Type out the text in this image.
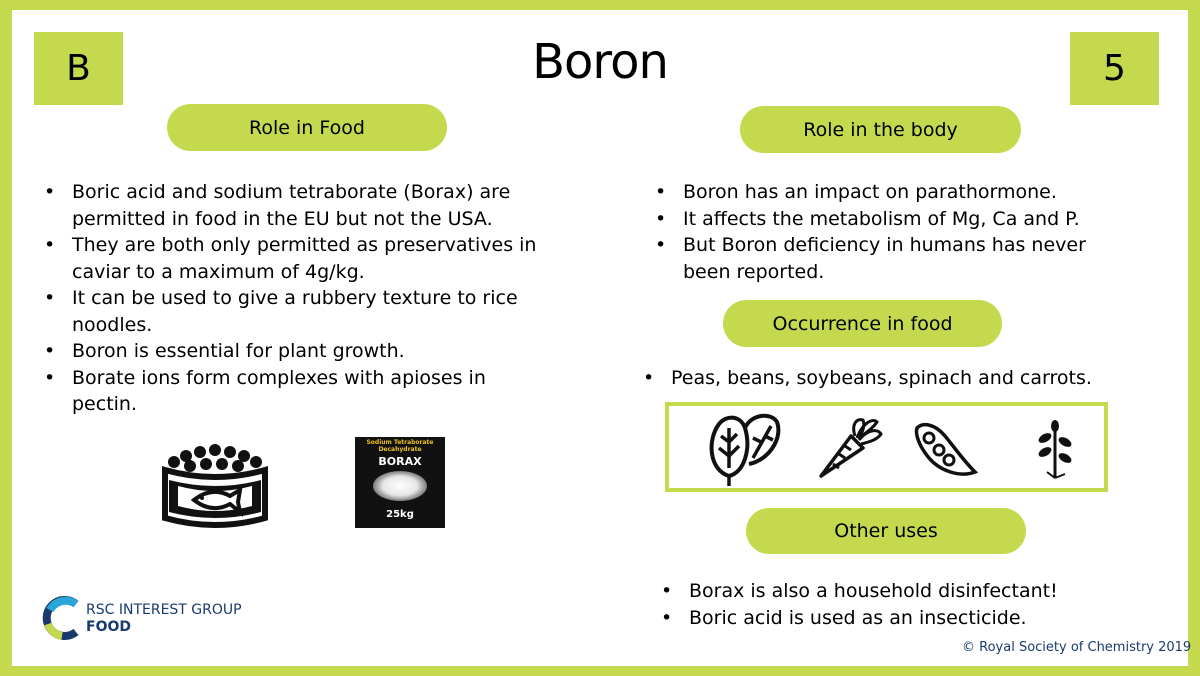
B	5
Boron
Role in Food
• Boric acid and sodium tetraborate (Borax) are permitted in food in the EU but not the USA.
• They are both only permitted as preservatives in caviar to a maximum of 4g/kg.
• It can be used to give a rubbery texture to rice noodles.
• Boron is essential for plant growth.
• Borate ions form complexes with apioses in pectin.
Sodium Tetraborate Decahydrate
BORAX
25kg
Role in the body
• Boron has an impact on parathormone.
• It affects the metabolism of Mg, Ca and P.
• But Boron deficiency in humans has never been reported.
Occurrence in food
• Peas, beans, soybeans, spinach and carrots.
Other uses
• Borax is also a household disinfectant!
• Boric acid is used as an insecticide.
RSC INTEREST GROUP
FOOD
© Royal Society of Chemistry 2019
